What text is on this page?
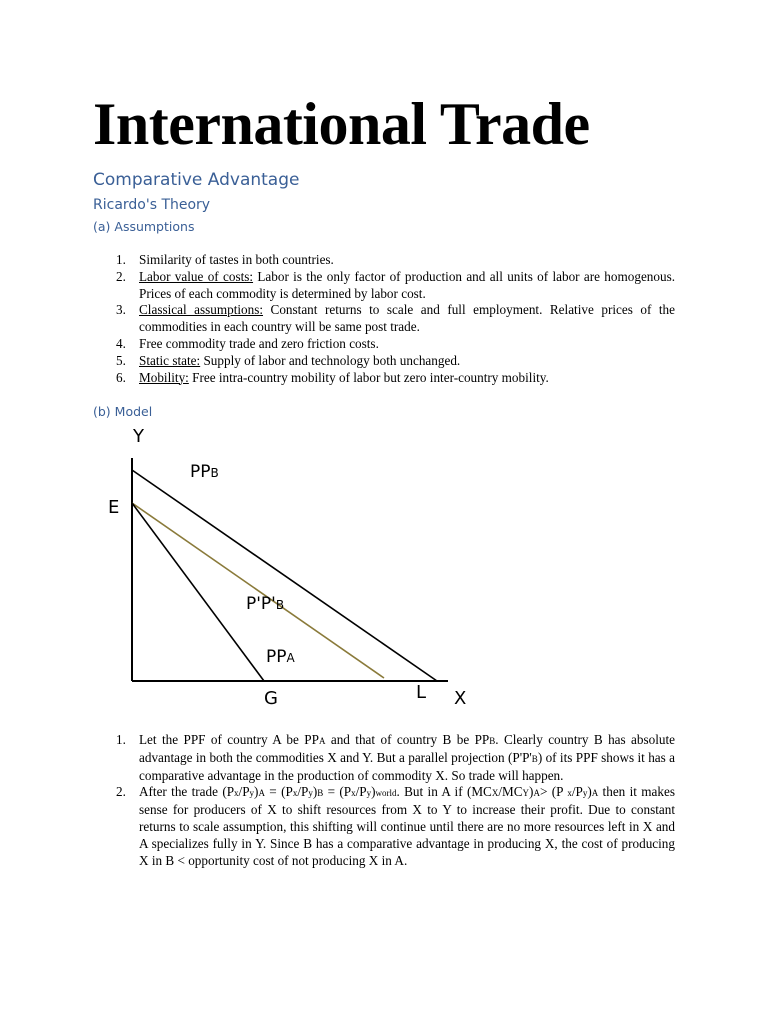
International Trade
Comparative Advantage
Ricardo's Theory
(a) Assumptions
1. Similarity of tastes in both countries.
2. Labor value of costs: Labor is the only factor of production and all units of labor are homogenous. Prices of each commodity is determined by labor cost.
3. Classical assumptions: Constant returns to scale and full employment. Relative prices of the commodities in each country will be same post trade.
4. Free commodity trade and zero friction costs.
5. Static state: Supply of labor and technology both unchanged.
6. Mobility: Free intra-country mobility of labor but zero inter-country mobility.
(b) Model
Y
X
E
G	L
PPB
P'P'B
PPA
1. Let the PPF of country A be PPA and that of country B be PPB. Clearly country B has absolute advantage in both the commodities X and Y. But a parallel projection (P'P'B) of its PPF shows it has a comparative advantage in the production of commodity X. So trade will happen.
2. After the trade (Px/Py)A = (Px/Py)B = (Px/Py)world. But in A if (MCX/MCY)A> (P x/Py)A then it makes sense for producers of X to shift resources from X to Y to increase their profit. Due to constant returns to scale assumption, this shifting will continue until there are no more resources left in X and A specializes fully in Y. Since B has a comparative advantage in producing X, the cost of producing X in B < opportunity cost of not producing X in A.
